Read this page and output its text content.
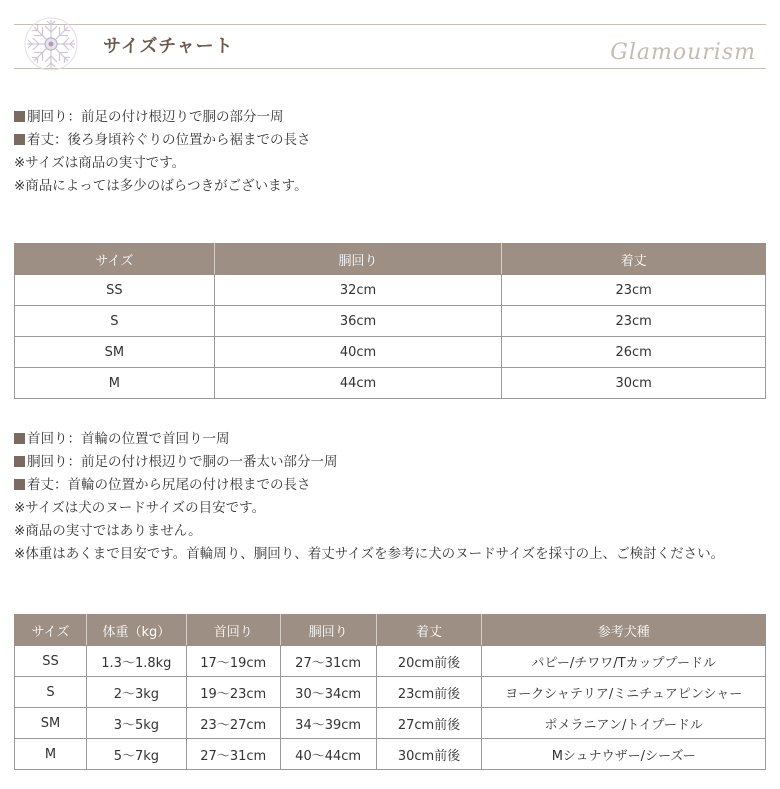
サイズチャート	Glamourism
胴回り：前足の付け根辺りで胴の部分一周
着丈：後ろ身頃衿ぐりの位置から裾までの長さ
※サイズは商品の実寸です。
※商品によっては多少のばらつきがございます。
サイズ	胴回り	着丈
SS	32cm	23cm
S	36cm	23cm
SM	40cm	26cm
M	44cm	30cm
首回り：首輪の位置で首回り一周
胴回り：前足の付け根辺りで胴の一番太い部分一周
着丈：首輪の位置から尻尾の付け根までの長さ
※サイズは犬のヌードサイズの目安です。
※商品の実寸ではありません。
※体重はあくまで目安です。首輪周り、胴回り、着丈サイズを参考に犬のヌードサイズを採寸の上、ご検討ください。
サイズ	体重（kg）	首回り	胴回り	着丈	参考犬種
SS	1.3～1.8kg	17～19cm	27～31cm	20cm前後	パピー/チワワ/Tカッププードル
S	2～3kg	19～23cm	30～34cm	23cm前後	ヨークシャテリア/ミニチュアピンシャー
SM	3～5kg	23～27cm	34～39cm	27cm前後	ポメラニアン/トイプードル
M	5～7kg	27～31cm	40～44cm	30cm前後	Mシュナウザー/シーズー
